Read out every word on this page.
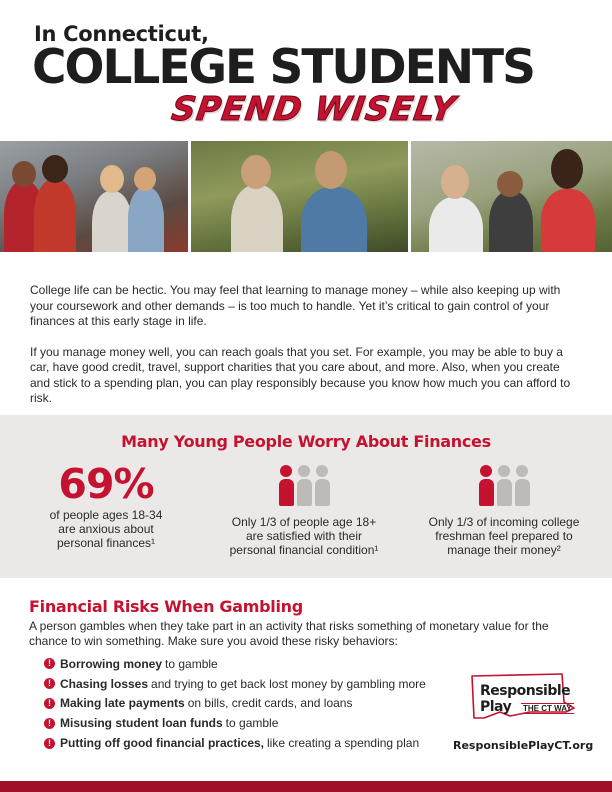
In Connecticut,
COLLEGE STUDENTS
SPEND WISELY

College life can be hectic. You may feel that learning to manage money – while also keeping up with your coursework and other demands – is too much to handle. Yet it’s critical to gain control of your finances at this early stage in life.

If you manage money well, you can reach goals that you set. For example, you may be able to buy a car, have good credit, travel, support charities that you care about, and more. Also, when you create and stick to a spending plan, you can play responsibly because you know how much you can afford to risk.

Many Young People Worry About Finances
69%
of people ages 18-34
are anxious about
personal finances¹
Only 1/3 of people age 18+
are satisfied with their
personal financial condition¹
Only 1/3 of incoming college
freshman feel prepared to
manage their money²
Financial Risks When Gambling
A person gambles when they take part in an activity that risks something of monetary value for the chance to win something. Make sure you avoid these risky behaviors:
! Borrowing money to gamble
! Chasing losses and trying to get back lost money by gambling more
! Making late payments on bills, credit cards, and loans
! Misusing student loan funds to gamble
! Putting off good financial practices, like creating a spending plan
Responsible
Play THE CT WAY
ResponsiblePlayCT.org
